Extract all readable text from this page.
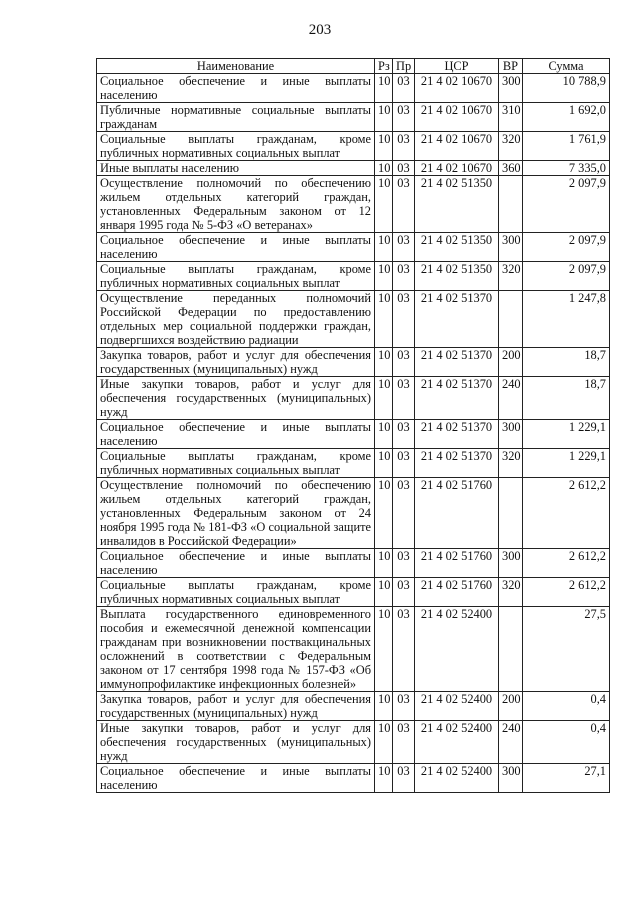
203
Наименование	Рз	Пр	ЦСР	ВР	Сумма
Социальное обеспечение и иные выплаты населению	10	03	21 4 02 10670	300	10 788,9
Публичные нормативные социальные выплаты гражданам	10	03	21 4 02 10670	310	1 692,0
Социальные выплаты гражданам, кроме публичных нормативных социальных выплат	10	03	21 4 02 10670	320	1 761,9
Иные выплаты населению	10	03	21 4 02 10670	360	7 335,0
Осуществление полномочий по обеспечению жильем отдельных категорий граждан, установленных Федеральным законом от 12 января 1995 года № 5-ФЗ «О ветеранах»	10	03	21 4 02 51350		2 097,9
Социальное обеспечение и иные выплаты населению	10	03	21 4 02 51350	300	2 097,9
Социальные выплаты гражданам, кроме публичных нормативных социальных выплат	10	03	21 4 02 51350	320	2 097,9
Осуществление переданных полномочий Российской Федерации по предоставлению отдельных мер социальной поддержки граждан, подвергшихся воздействию радиации	10	03	21 4 02 51370		1 247,8
Закупка товаров, работ и услуг для обеспечения государственных (муниципальных) нужд	10	03	21 4 02 51370	200	18,7
Иные закупки товаров, работ и услуг для обеспечения государственных (муниципальных) нужд	10	03	21 4 02 51370	240	18,7
Социальное обеспечение и иные выплаты населению	10	03	21 4 02 51370	300	1 229,1
Социальные выплаты гражданам, кроме публичных нормативных социальных выплат	10	03	21 4 02 51370	320	1 229,1
Осуществление полномочий по обеспечению жильем отдельных категорий граждан, установленных Федеральным законом от 24 ноября 1995 года № 181-ФЗ «О социальной защите инвалидов в Российской Федерации»	10	03	21 4 02 51760		2 612,2
Социальное обеспечение и иные выплаты населению	10	03	21 4 02 51760	300	2 612,2
Социальные выплаты гражданам, кроме публичных нормативных социальных выплат	10	03	21 4 02 51760	320	2 612,2
Выплата государственного единовременного пособия и ежемесячной денежной компенсации гражданам при возникновении поствакцинальных осложнений в соответствии с Федеральным законом от 17 сентября 1998 года № 157-ФЗ «Об иммунопрофилактике инфекционных болезней»	10	03	21 4 02 52400		27,5
Закупка товаров, работ и услуг для обеспечения государственных (муниципальных) нужд	10	03	21 4 02 52400	200	0,4
Иные закупки товаров, работ и услуг для обеспечения государственных (муниципальных) нужд	10	03	21 4 02 52400	240	0,4
Социальное обеспечение и иные выплаты населению	10	03	21 4 02 52400	300	27,1
